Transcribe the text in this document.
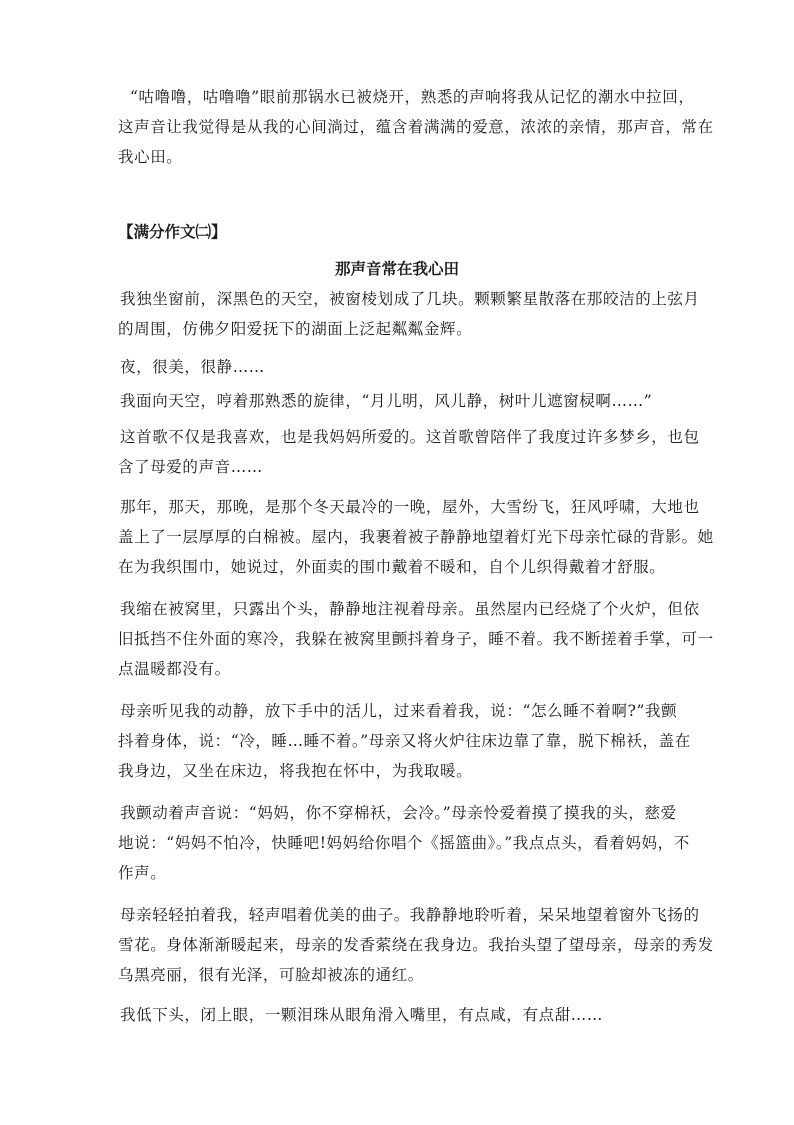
“咕噜噜，咕噜噜”眼前那锅水已被烧开，熟悉的声响将我从记忆的潮水中拉回，
这声音让我觉得是从我的心间淌过，蕴含着满满的爱意，浓浓的亲情，那声音，常在
我心田。

【满分作文㈡】
那声音常在我心田

我独坐窗前，深黑色的天空，被窗棱划成了几块。颗颗繁星散落在那皎洁的上弦月
的周围，仿佛夕阳爱抚下的湖面上泛起粼粼金辉。

夜，很美，很静……

我面向天空，哼着那熟悉的旋律，“月儿明，风儿静，树叶儿遮窗棂啊……”

这首歌不仅是我喜欢，也是我妈妈所爱的。这首歌曾陪伴了我度过许多梦乡，也包
含了母爱的声音……

那年，那天，那晚，是那个冬天最冷的一晚，屋外，大雪纷飞，狂风呼啸，大地也
盖上了一层厚厚的白棉被。屋内，我裹着被子静静地望着灯光下母亲忙碌的背影。她
在为我织围巾，她说过，外面卖的围巾戴着不暖和，自个儿织得戴着才舒服。

我缩在被窝里，只露出个头，静静地注视着母亲。虽然屋内已经烧了个火炉，但依
旧抵挡不住外面的寒冷，我躲在被窝里颤抖着身子，睡不着。我不断搓着手掌，可一
点温暖都没有。

母亲听见我的动静，放下手中的活儿，过来看着我，说：“怎么睡不着啊?”我颤
抖着身体，说：“冷，睡…睡不着。”母亲又将火炉往床边靠了靠，脱下棉袄，盖在
我身边，又坐在床边，将我抱在怀中，为我取暖。

我颤动着声音说：“妈妈，你不穿棉袄，会冷。”母亲怜爱着摸了摸我的头，慈爱
地说：“妈妈不怕冷，快睡吧!妈妈给你唱个《摇篮曲》。”我点点头，看着妈妈，不
作声。

母亲轻轻拍着我，轻声唱着优美的曲子。我静静地聆听着，呆呆地望着窗外飞扬的
雪花。身体渐渐暖起来，母亲的发香萦绕在我身边。我抬头望了望母亲，母亲的秀发
乌黑亮丽，很有光泽，可脸却被冻的通红。

我低下头，闭上眼，一颗泪珠从眼角滑入嘴里，有点咸，有点甜……
